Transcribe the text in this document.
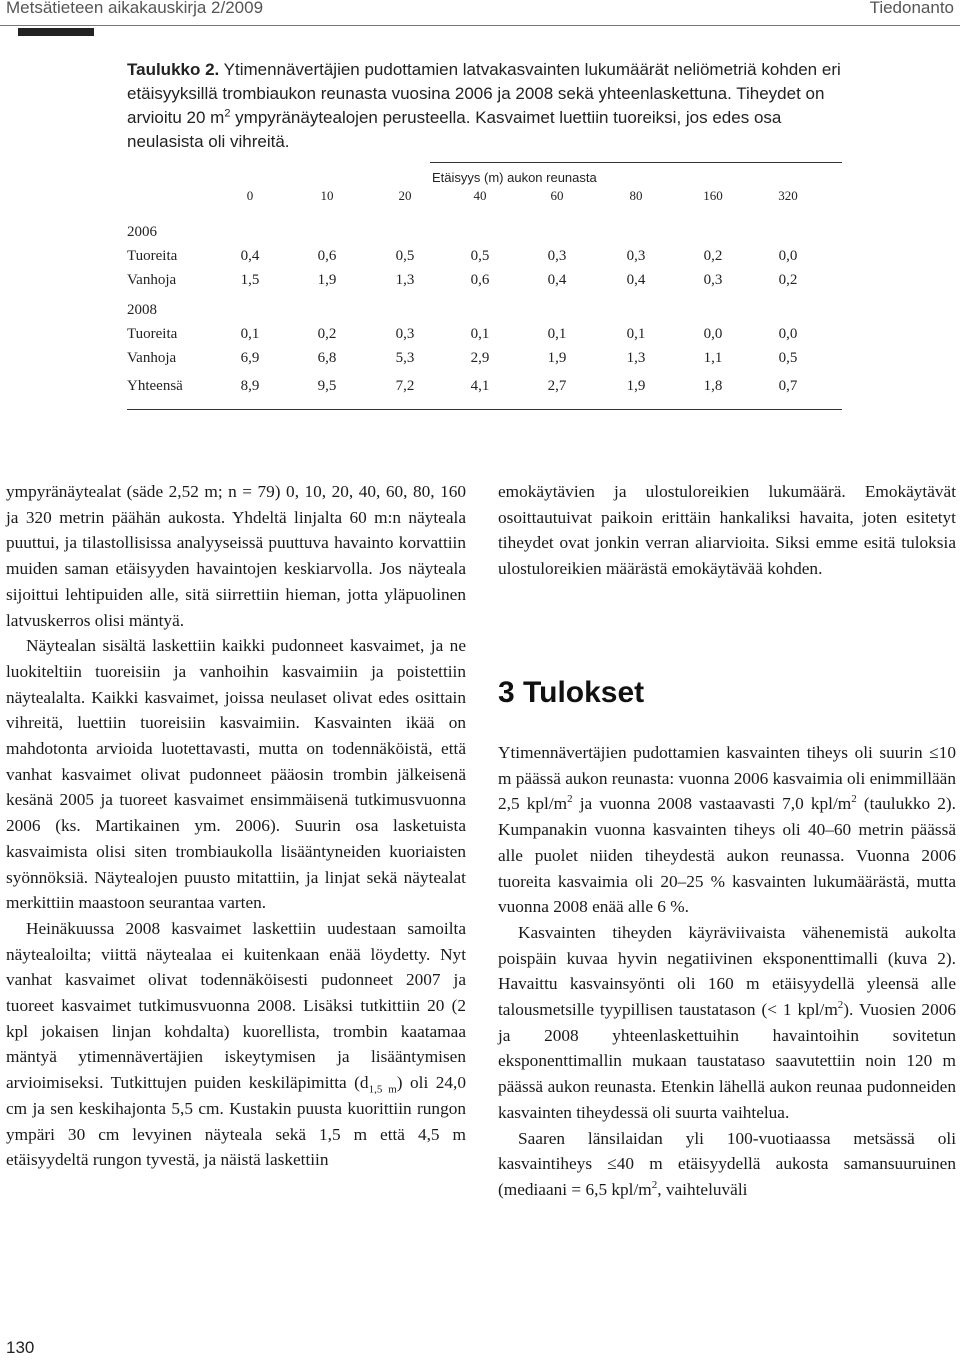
Metsätieteen aikakauskirja 2/2009	Tiedonanto
Taulukko 2. Ytimennävertäjien pudottamien latvakasvainten lukumäärät neliömetriä kohden eri etäisyyksillä trombiaukon reunasta vuosina 2006 ja 2008 sekä yhteenlaskettuna. Tiheydet on arvioitu 20 $m^2$ ympyränäytealojen perusteella. Kasvaimet luettiin tuoreiksi, jos edes osa neulasista oli vihreitä.
Etäisyys (m) aukon reunasta
0	10	20	40	60	80	160	320
2006
Tuoreita	0,4	0,6	0,5	0,5	0,3	0,3	0,2	0,0
Vanhoja	1,5	1,9	1,3	0,6	0,4	0,4	0,3	0,2
2008
Tuoreita	0,1	0,2	0,3	0,1	0,1	0,1	0,0	0,0
Vanhoja	6,9	6,8	5,3	2,9	1,9	1,3	1,1	0,5
Yhteensä	8,9	9,5	7,2	4,1	2,7	1,9	1,8	0,7

ympyränäytealat (säde 2,52 m; n = 79) 0, 10, 20, 40, 60, 80, 160 ja 320 metrin päähän aukosta. Yhdeltä linjalta 60 m:n näyteala puuttui, ja tilastollisissa analyyseissä puuttuva havainto korvattiin muiden saman etäisyyden havaintojen keskiarvolla. Jos näyteala sijoittui lehtipuiden alle, sitä siirrettiin hieman, jotta yläpuolinen latvuskerros olisi mäntyä.

Näytealan sisältä laskettiin kaikki pudonneet kasvaimet, ja ne luokiteltiin tuoreisiin ja vanhoihin kasvaimiin ja poistettiin näytealalta. Kaikki kasvaimet, joissa neulaset olivat edes osittain vihreitä, luettiin tuoreisiin kasvaimiin. Kasvainten ikää on mahdotonta arvioida luotettavasti, mutta on todennäköistä, että vanhat kasvaimet olivat pudonneet pääosin trombin jälkeisenä kesänä 2005 ja tuoreet kasvaimet ensimmäisenä tutkimusvuonna 2006 (ks. Martikainen ym. 2006). Suurin osa lasketuista kasvaimista olisi siten trombiaukolla lisääntyneiden kuoriaisten syönnöksiä. Näytealojen puusto mitattiin, ja linjat sekä näytealat merkittiin maastoon seurantaa varten.

Heinäkuussa 2008 kasvaimet laskettiin uudestaan samoilta näytealoilta; viittä näytealaa ei kuitenkaan enää löydetty. Nyt vanhat kasvaimet olivat todennäköisesti pudonneet 2007 ja tuoreet kasvaimet tutkimusvuonna 2008. Lisäksi tutkittiin 20 (2 kpl jokaisen linjan kohdalta) kuorellista, trombin kaatamaa mäntyä ytimennävertäjien iskeytymisen ja lisääntymisen arvioimiseksi. Tutkittujen puiden keskiläpimitta $(d_{1,5 m})$ oli 24,0 cm ja sen keskihajonta 5,5 cm. Kustakin puusta kuorittiin rungon ympäri 30 cm levyinen näyteala sekä 1,5 m että 4,5 m etäisyydeltä rungon tyvestä, ja näistä laskettiin

emokäytävien ja ulostuloreikien lukumäärä. Emokäytävät osoittautuivat paikoin erittäin hankaliksi havaita, joten esitetyt tiheydet ovat jonkin verran aliarvioita. Siksi emme esitä tuloksia ulostuloreikien määrästä emokäytävää kohden.

3 Tulokset

Ytimennävertäjien pudottamien kasvainten tiheys oli suurin ≤10 m päässä aukon reunasta: vuonna 2006 kasvaimia oli enimmillään 2,5 kpl/$m^2$ ja vuonna 2008 vastaavasti 7,0 kpl/$m^2$ (taulukko 2). Kumpanakin vuonna kasvainten tiheys oli 40–60 metrin päässä alle puolet niiden tiheydestä aukon reunassa. Vuonna 2006 tuoreita kasvaimia oli 20–25 % kasvainten lukumäärästä, mutta vuonna 2008 enää alle 6 %.

Kasvainten tiheyden käyräviivaista vähenemistä aukolta poispäin kuvaa hyvin negatiivinen eksponenttimalli (kuva 2). Havaittu kasvainsyönti oli 160 m etäisyydellä yleensä alle talousmetsille tyypillisen taustatason (< 1 kpl/$m^2$). Vuosien 2006 ja 2008 yhteenlaskettuihin havaintoihin sovitetun eksponenttimallin mukaan taustataso saavutettiin noin 120 m päässä aukon reunasta. Etenkin lähellä aukon reunaa pudonneiden kasvainten tiheydessä oli suurta vaihtelua.

Saaren länsilaidan yli 100-vuotiaassa metsässä oli kasvaintiheys ≤40 m etäisyydellä aukosta samansuuruinen (mediaani = 6,5 kpl/$m^2$, vaihteluväli

130
